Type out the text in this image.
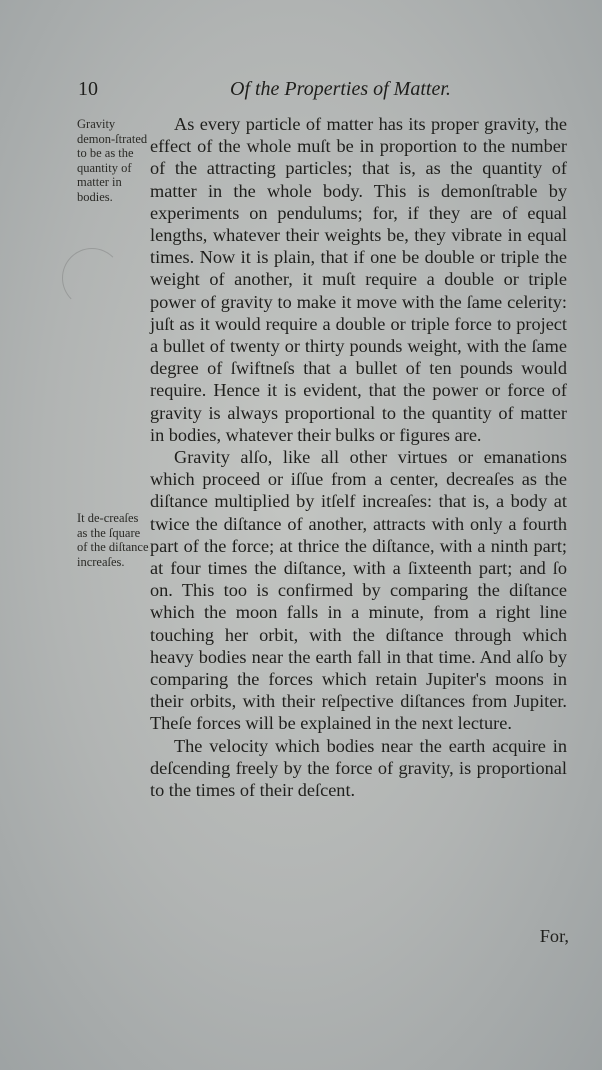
10	Of the Properties of Matter.
Gravity demon-ſtrated to be as the quantity of matter in bodies.
It de-creaſes as the ſquare of the diſtance increaſes.

As every particle of matter has its proper gravity, the effect of the whole muſt be in proportion to the number of the attracting particles; that is, as the quantity of matter in the whole body. This is demonſtrable by experiments on pendulums; for, if they are of equal lengths, whatever their weights be, they vibrate in equal times. Now it is plain, that if one be double or triple the weight of another, it muſt require a double or triple power of gravity to make it move with the ſame celerity: juſt as it would require a double or triple force to project a bullet of twenty or thirty pounds weight, with the ſame degree of ſwiftneſs that a bullet of ten pounds would require. Hence it is evident, that the power or force of gravity is always proportional to the quantity of matter in bodies, whatever their bulks or figures are.

Gravity alſo, like all other virtues or emanations which proceed or iſſue from a center, decreaſes as the diſtance multiplied by itſelf increaſes: that is, a body at twice the diſtance of another, attracts with only a fourth part of the force; at thrice the diſtance, with a ninth part; at four times the diſtance, with a ſixteenth part; and ſo on. This too is confirmed by comparing the diſtance which the moon falls in a minute, from a right line touching her orbit, with the diſtance through which heavy bodies near the earth fall in that time. And alſo by comparing the forces which retain Jupiter's moons in their orbits, with their reſpective diſtances from Jupiter. Theſe forces will be explained in the next lecture.

The velocity which bodies near the earth acquire in deſcending freely by the force of gravity, is proportional to the times of their deſcent.

For,
